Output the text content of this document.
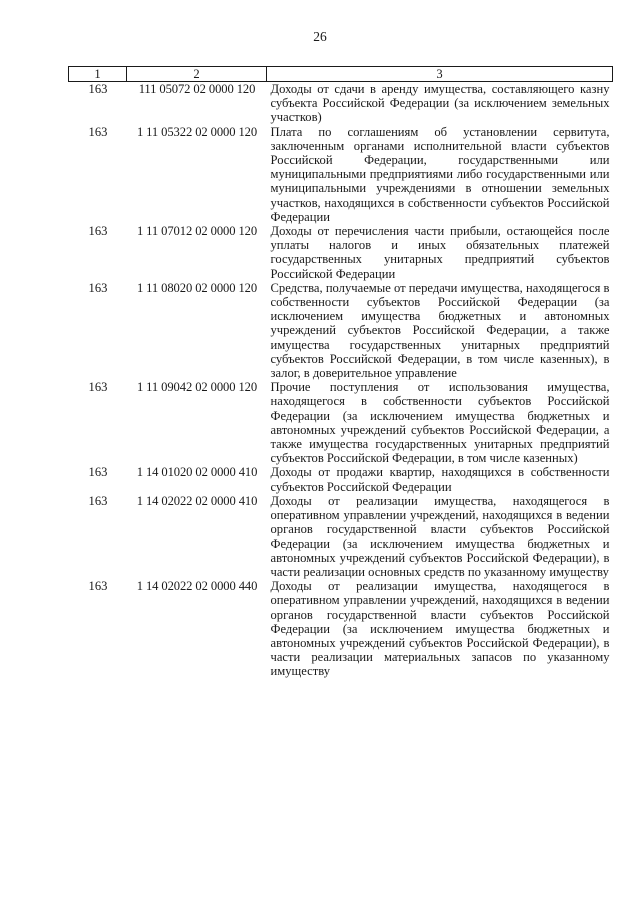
26
1	2	3
163	111 05072 02 0000 120	Доходы от сдачи в аренду имущества, составляющего казну субъекта Российской Федерации (за исключением земельных участков)
163	1 11 05322 02 0000 120	Плата по соглашениям об установлении сервитута, заключенным органами исполнительной власти субъектов Российской Федерации, государственными или муниципальными предприятиями либо государственными или муниципальными учреждениями в отношении земельных участков, находящихся в собственности субъектов Российской Федерации
163	1 11 07012 02 0000 120	Доходы от перечисления части прибыли, остающейся после уплаты налогов и иных обязательных платежей государственных унитарных предприятий субъектов Российской Федерации
163	1 11 08020 02 0000 120	Средства, получаемые от передачи имущества, находящегося в собственности субъектов Российской Федерации (за исключением имущества бюджетных и автономных учреждений субъектов Российской Федерации, а также имущества государственных унитарных предприятий субъектов Российской Федерации, в том числе казенных), в залог, в доверительное управление
163	1 11 09042 02 0000 120	Прочие поступления от использования имущества, находящегося в собственности субъектов Российской Федерации (за исключением имущества бюджетных и автономных учреждений субъектов Российской Федерации, а также имущества государственных унитарных предприятий субъектов Российской Федерации, в том числе казенных)
163	1 14 01020 02 0000 410	Доходы от продажи квартир, находящихся в собственности субъектов Российской Федерации
163	1 14 02022 02 0000 410	Доходы от реализации имущества, находящегося в оперативном управлении учреждений, находящихся в ведении органов государственной власти субъектов Российской Федерации (за исключением имущества бюджетных и автономных учреждений субъектов Российской Федерации), в части реализации основных средств по указанному имуществу
163	1 14 02022 02 0000 440	Доходы от реализации имущества, находящегося в оперативном управлении учреждений, находящихся в ведении органов государственной власти субъектов Российской Федерации (за исключением имущества бюджетных и автономных учреждений субъектов Российской Федерации), в части реализации материальных запасов по указанному имуществу
